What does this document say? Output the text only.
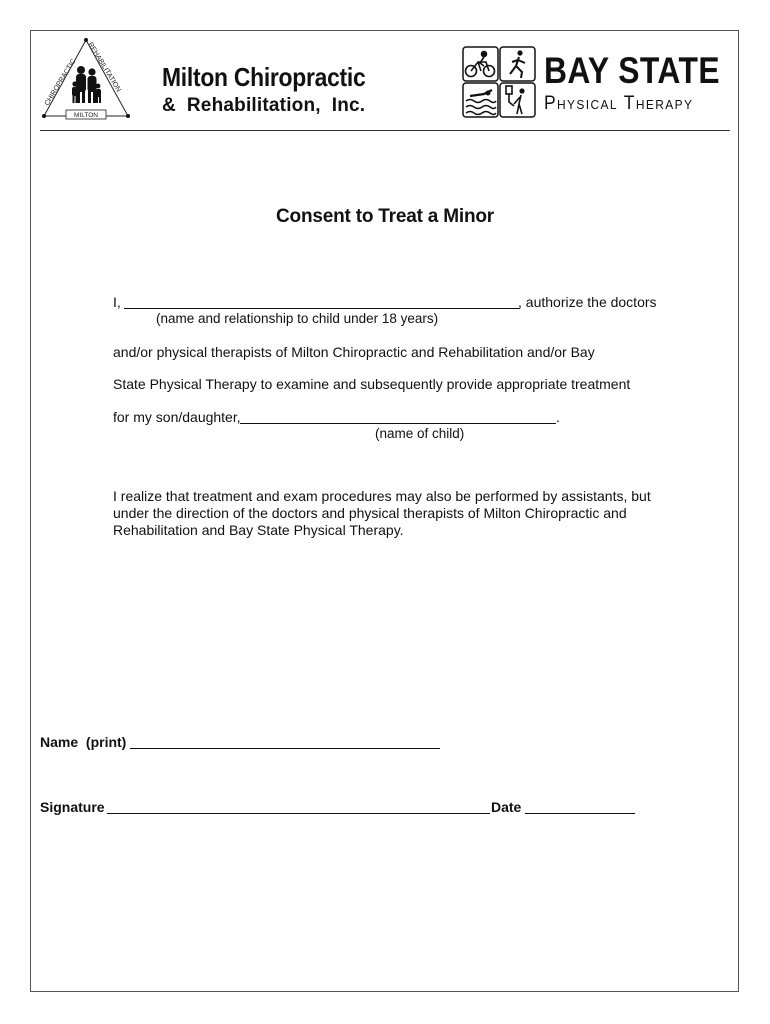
CHIROPRACTIC
REHABILITATION
MILTON
Milton Chiropractic
&  Rehabilitation,  Inc.
BAY STATE
Physical Therapy
Consent to Treat a Minor
I,	, authorize the doctors
(name and relationship to child under 18 years)
and/or physical therapists of Milton Chiropractic and Rehabilitation and/or Bay
State Physical Therapy to examine and subsequently provide appropriate treatment
for my son/daughter,	.
(name of child)
I realize that treatment and exam procedures may also be performed by assistants, but under the direction of the doctors and physical therapists of Milton Chiropractic and Rehabilitation and Bay State Physical Therapy.
Name  (print)
Signature	Date
